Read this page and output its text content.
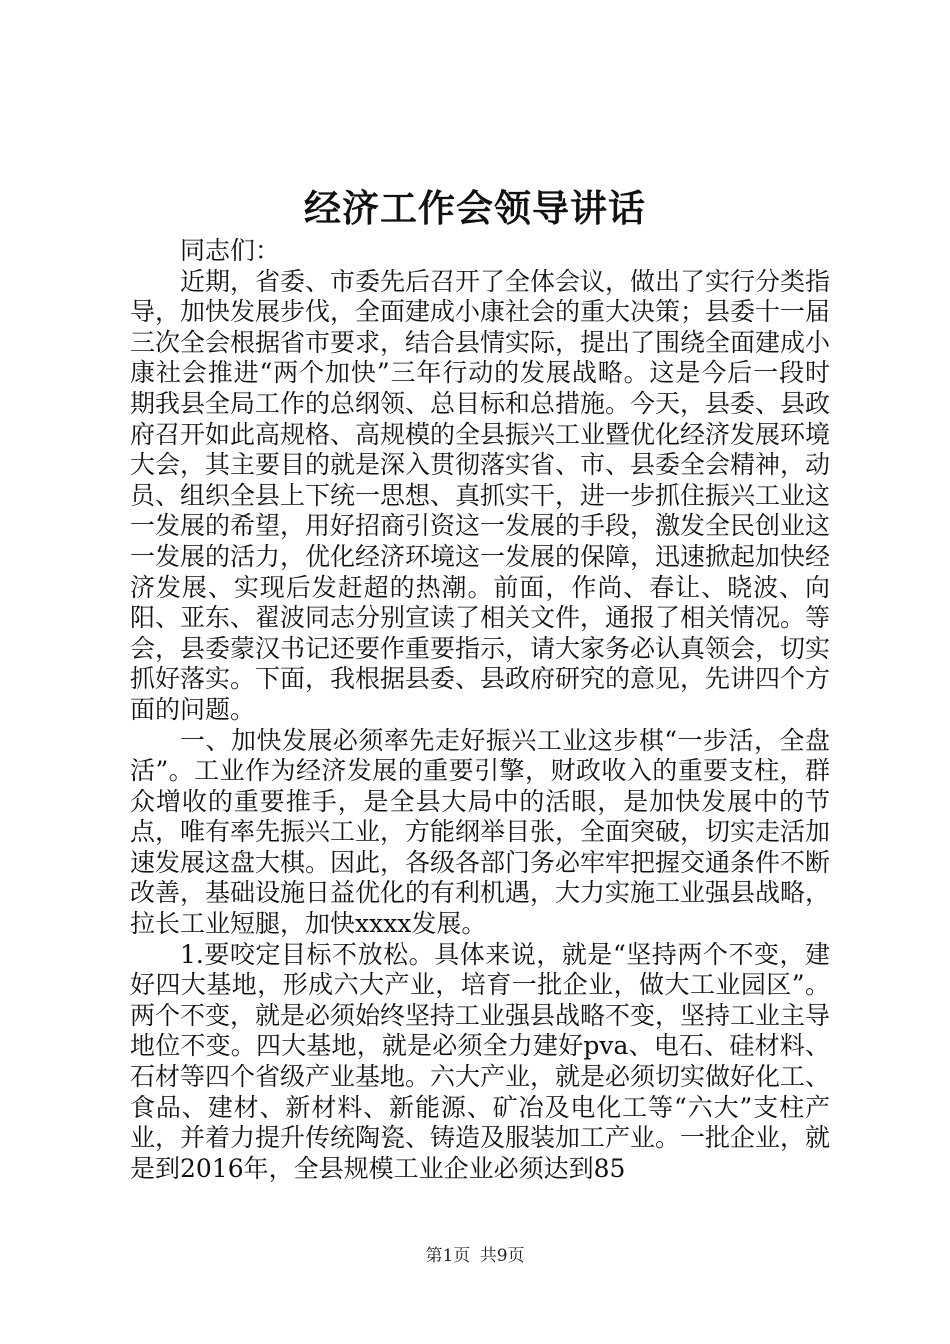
经济工作会领导讲话

同志们：

近期，省委、市委先后召开了全体会议，做出了实行分类指导，加快发展步伐，全面建成小康社会的重大决策；县委十一届三次全会根据省市要求，结合县情实际，提出了围绕全面建成小康社会推进“两个加快”三年行动的发展战略。这是今后一段时期我县全局工作的总纲领、总目标和总措施。今天，县委、县政府召开如此高规格、高规模的全县振兴工业暨优化经济发展环境大会，其主要目的就是深入贯彻落实省、市、县委全会精神，动员、组织全县上下统一思想、真抓实干，进一步抓住振兴工业这一发展的希望，用好招商引资这一发展的手段，激发全民创业这一发展的活力，优化经济环境这一发展的保障，迅速掀起加快经济发展、实现后发赶超的热潮。前面，作尚、春让、晓波、向阳、亚东、翟波同志分别宣读了相关文件，通报了相关情况。等会，县委蒙汉书记还要作重要指示，请大家务必认真领会，切实抓好落实。下面，我根据县委、县政府研究的意见，先讲四个方面的问题。

一、加快发展必须率先走好振兴工业这步棋“一步活，全盘活”。工业作为经济发展的重要引擎，财政收入的重要支柱，群众增收的重要推手，是全县大局中的活眼，是加快发展中的节点，唯有率先振兴工业，方能纲举目张，全面突破，切实走活加速发展这盘大棋。因此，各级各部门务必牢牢把握交通条件不断改善，基础设施日益优化的有利机遇，大力实施工业强县战略，拉长工业短腿，加快xxxx发展。

1.要咬定目标不放松。具体来说，就是“坚持两个不变，建好四大基地，形成六大产业，培育一批企业，做大工业园区”。两个不变，就是必须始终坚持工业强县战略不变，坚持工业主导地位不变。四大基地，就是必须全力建好pva、电石、硅材料、石材等四个省级产业基地。六大产业，就是必须切实做好化工、食品、建材、新材料、新能源、矿冶及电化工等“六大”支柱产业，并着力提升传统陶瓷、铸造及服装加工产业。一批企业，就是到2016年，全县规模工业企业必须达到85

第1页 共9页
